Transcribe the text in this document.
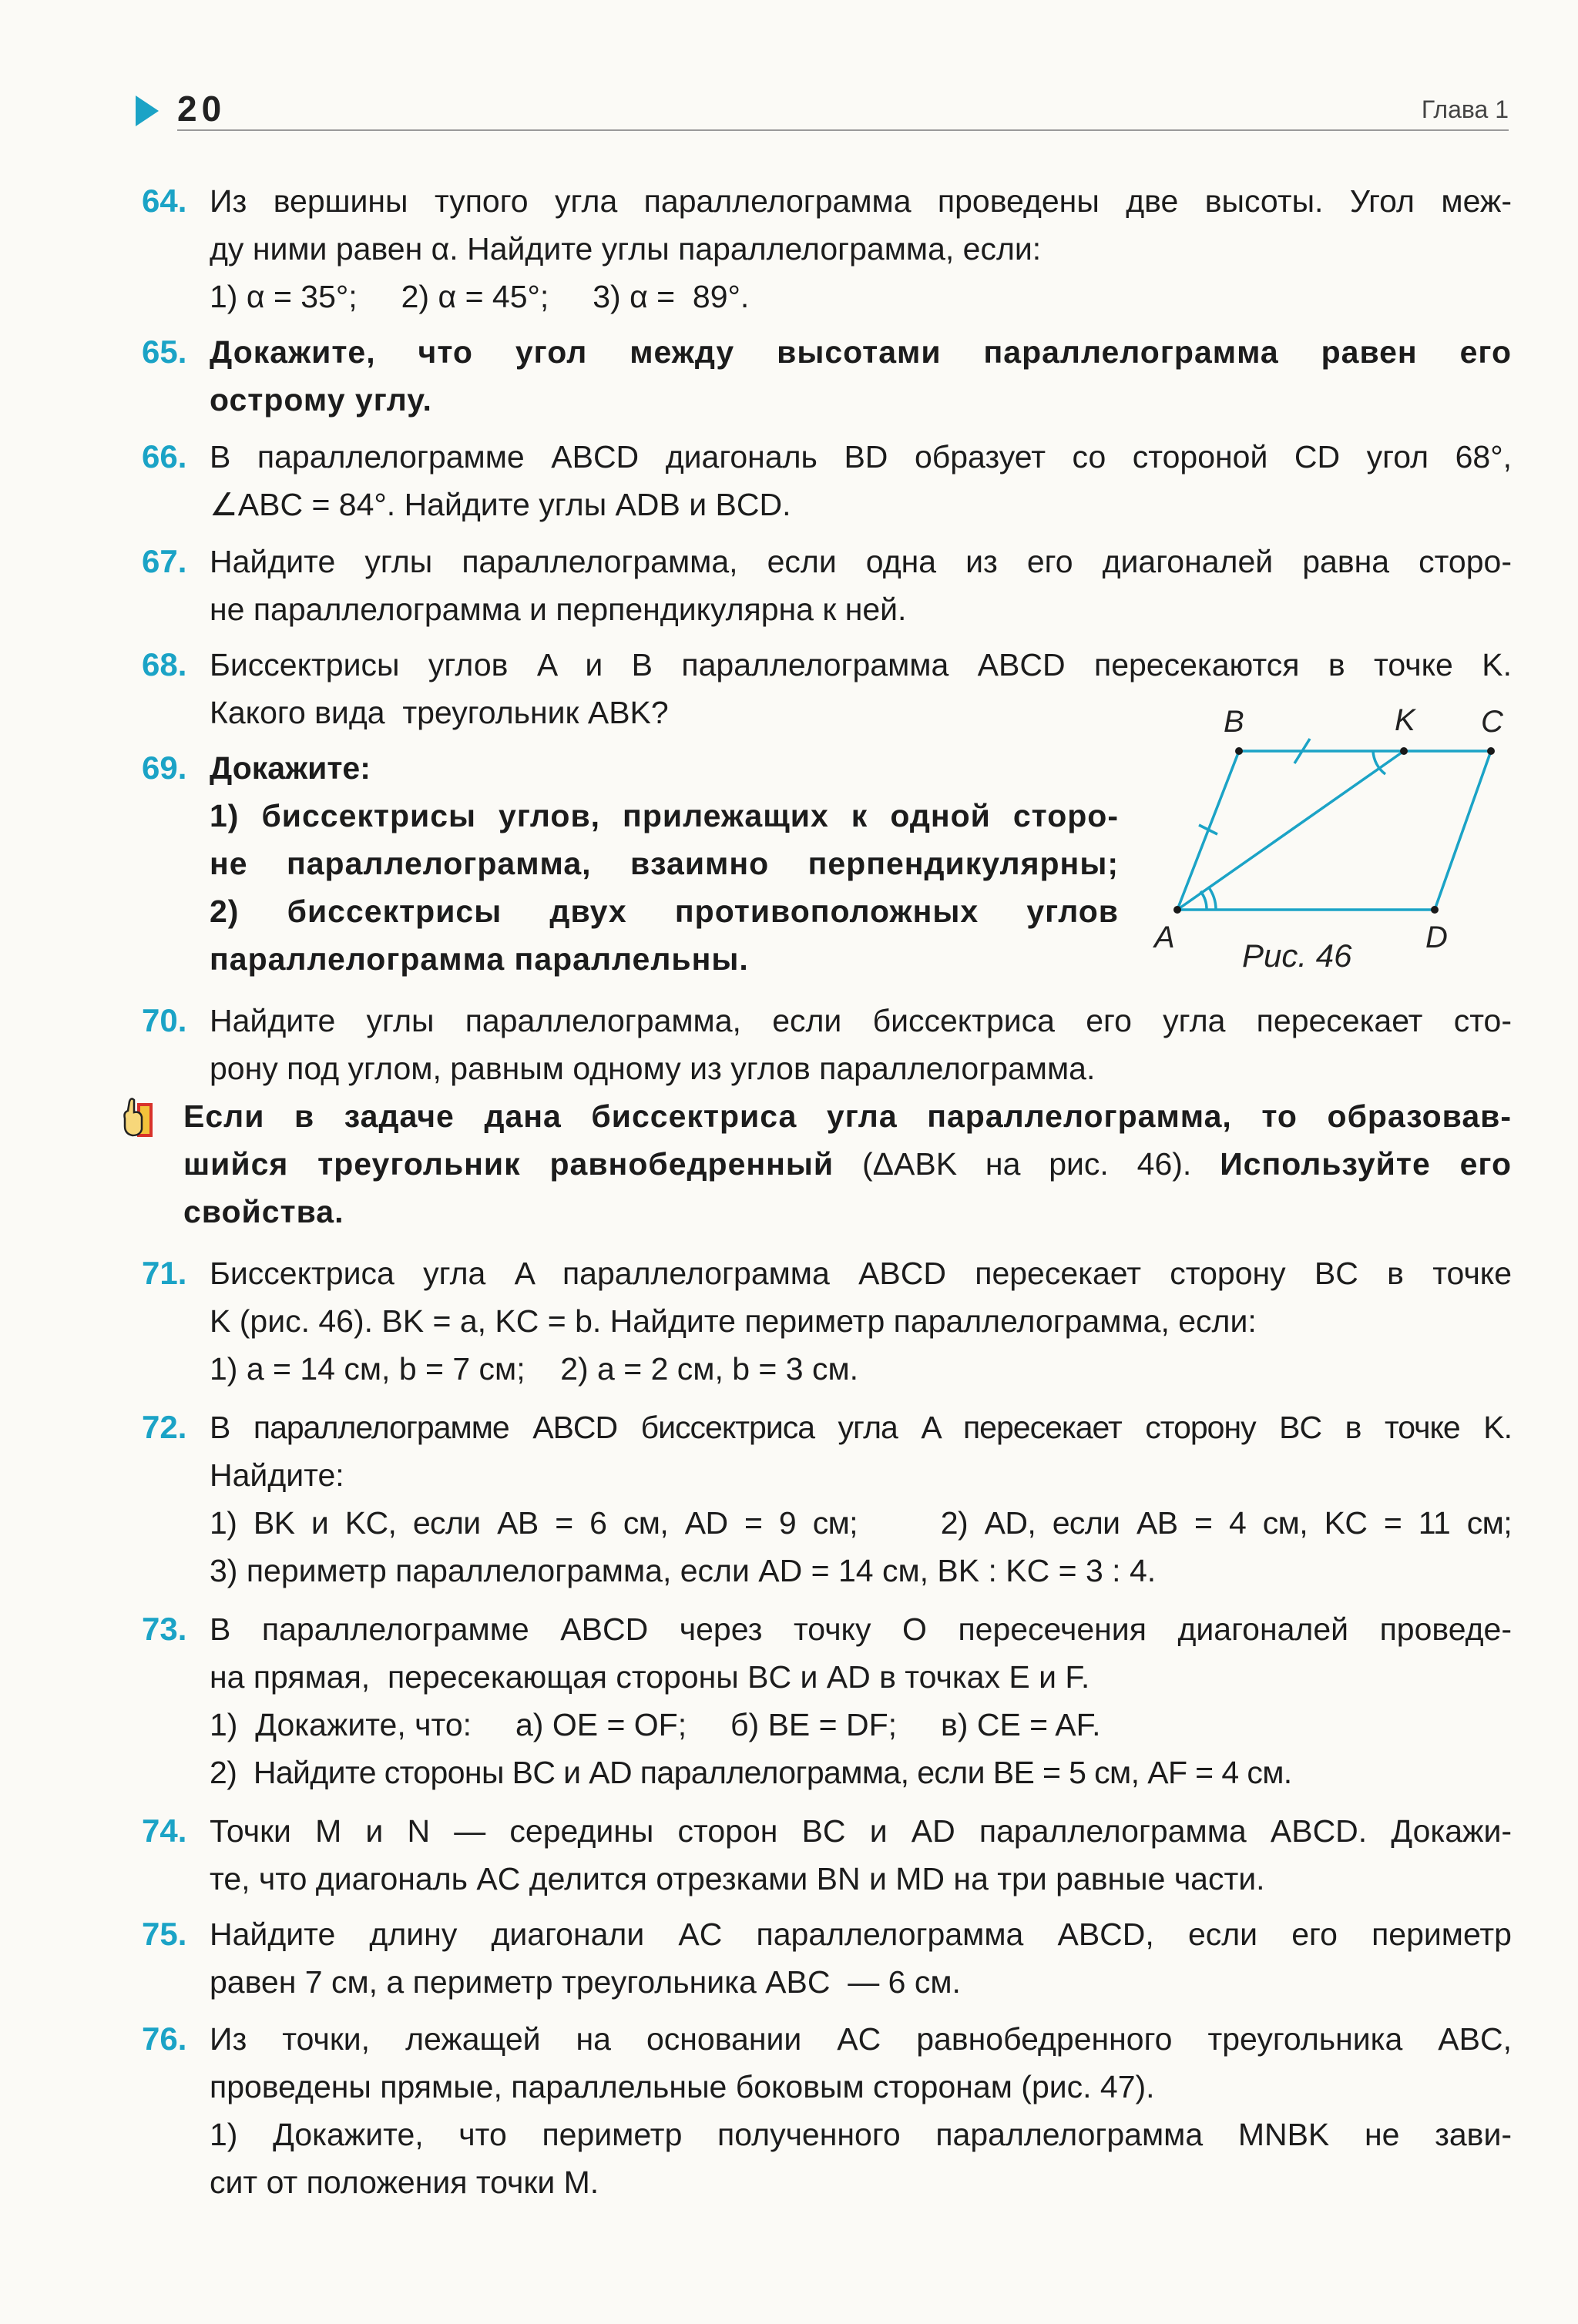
20	Глава 1
64. Из вершины тупого угла параллелограмма проведены две высоты. Угол меж-
ду ними равен α. Найдите углы параллелограмма, если:
1) α = 35°;     2) α = 45°;     3) α =  89°.
65. Докажите, что угол между высотами параллелограмма равен его
острому углу.
66. В параллелограмме ABCD диагональ BD образует со стороной CD угол 68°,
∠ABC = 84°. Найдите углы ADB и BCD.
67. Найдите углы параллелограмма, если одна из его диагоналей равна сторо-
не параллелограмма и перпендикулярна к ней.
68. Биссектрисы углов A и B параллелограмма ABCD пересекаются в точке K.
Какого вида  треугольник ABK?
69. Докажите:
1) биссектрисы углов, прилежащих к одной сторо-
не параллелограмма, взаимно перпендикулярны;
2) биссектрисы двух противоположных углов
параллелограмма параллельны.
B	K C
A	D
Рис. 46
70. Найдите углы параллелограмма, если биссектриса его угла пересекает сто-
рону под углом, равным одному из углов параллелограмма.
Если в задаче дана биссектриса угла параллелограмма, то образовав-
шийся треугольник равнобедренный (ΔABK на рис. 46). Используйте его
свойства.
71. Биссектриса угла A параллелограмма ABCD пересекает сторону BC в точке
K (рис. 46). BK = a, KC = b. Найдите периметр параллелограмма, если:
1) a = 14 см, b = 7 см;    2) a = 2 см, b = 3 см.
72. В параллелограмме ABCD биссектриса угла A пересекает сторону BC в точке K.
Найдите:
1) BK и KC, если AB = 6 см, AD = 9 см;     2) AD, если AB = 4 см, KC = 11 см;
3) периметр параллелограмма, если AD = 14 см, BK : KC = 3 : 4.
73. В параллелограмме ABCD через точку O пересечения диагоналей проведе-
на прямая,  пересекающая стороны BC и AD в точках E и F.
1)  Докажите, что:     а) OE = OF;     б) BE = DF;     в) CE = AF.
2)  Найдите стороны BC и AD параллелограмма, если BE = 5 см, AF = 4 см.
74. Точки M и N — середины сторон BC и AD параллелограмма ABCD. Докажи-
те, что диагональ AC делится отрезками BN и MD на три равные части.
75. Найдите длину диагонали AC параллелограмма ABCD, если его периметр
равен 7 см, а периметр треугольника ABC  — 6 см.
76. Из точки, лежащей на основании AC равнобедренного треугольника ABC,
проведены прямые, параллельные боковым сторонам (рис. 47).
1) Докажите, что периметр полученного параллелограмма MNBK не зави-
сит от положения точки M.
